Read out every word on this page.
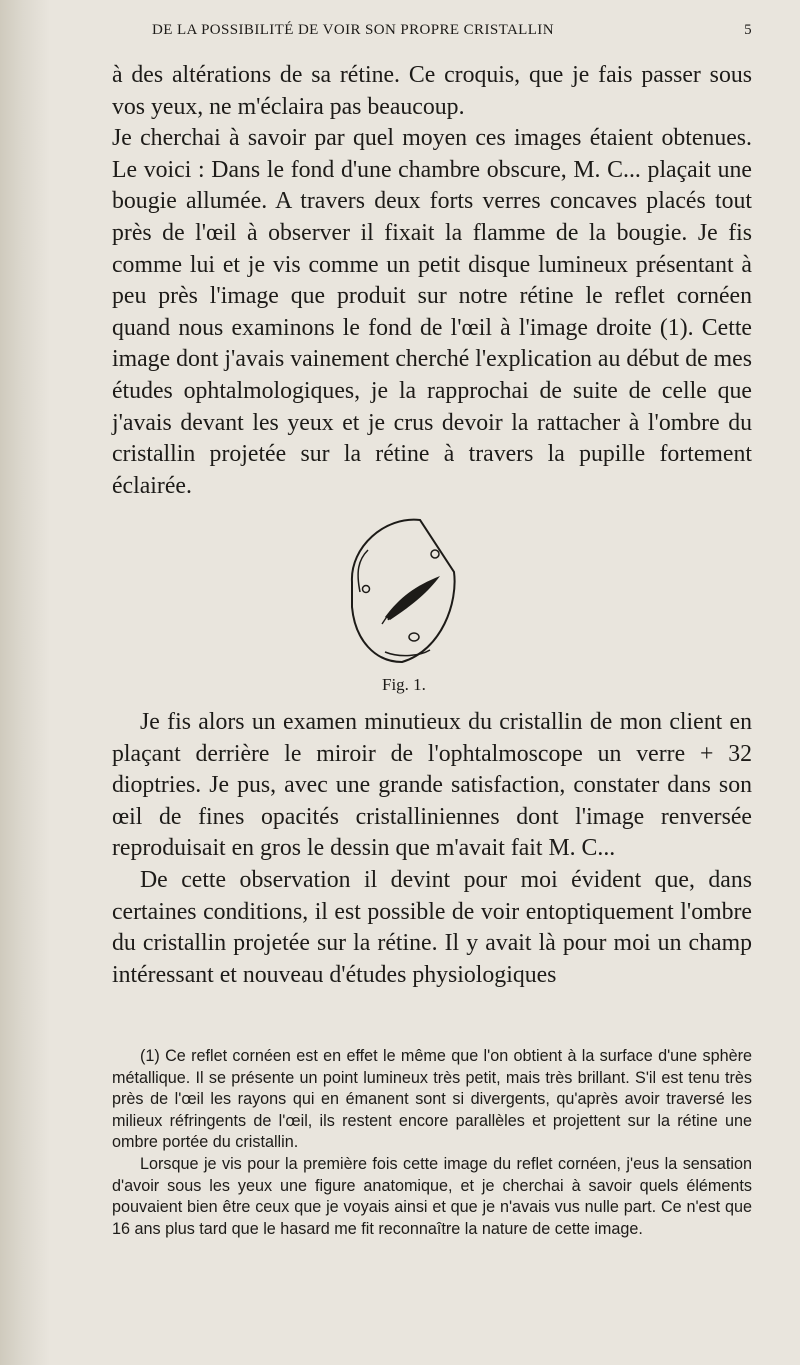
DE LA POSSIBILITÉ DE VOIR SON PROPRE CRISTALLIN	5

à des altérations de sa rétine. Ce croquis, que je fais passer sous vos yeux, ne m'éclaira pas beaucoup.

Je cherchai à savoir par quel moyen ces images étaient obtenues. Le voici : Dans le fond d'une chambre obscure, M. C... plaçait une bougie allumée. A travers deux forts verres concaves placés tout près de l'œil à observer il fixait la flamme de la bougie. Je fis comme lui et je vis comme un petit disque lumineux présentant à peu près l'image que produit sur notre rétine le reflet cornéen quand nous examinons le fond de l'œil à l'image droite (1). Cette image dont j'avais vainement cherché l'explication au début de mes études ophtalmologiques, je la rapprochai de suite de celle que j'avais devant les yeux et je crus devoir la rattacher à l'ombre du cristallin projetée sur la rétine à travers la pupille fortement éclairée.

Fig. 1.

Je fis alors un examen minutieux du cristallin de mon client en plaçant derrière le miroir de l'ophtalmoscope un verre + 32 dioptries. Je pus, avec une grande satisfaction, constater dans son œil de fines opacités cristalliniennes dont l'image renversée reproduisait en gros le dessin que m'avait fait M. C...

De cette observation il devint pour moi évident que, dans certaines conditions, il est possible de voir entoptiquement l'ombre du cristallin projetée sur la rétine. Il y avait là pour moi un champ intéressant et nouveau d'études physiologiques

(1) Ce reflet cornéen est en effet le même que l'on obtient à la surface d'une sphère métallique. Il se présente un point lumineux très petit, mais très brillant. S'il est tenu très près de l'œil les rayons qui en émanent sont si divergents, qu'après avoir traversé les milieux réfringents de l'œil, ils restent encore parallèles et projettent sur la rétine une ombre portée du cristallin.

Lorsque je vis pour la première fois cette image du reflet cornéen, j'eus la sensation d'avoir sous les yeux une figure anatomique, et je cherchai à savoir quels éléments pouvaient bien être ceux que je voyais ainsi et que je n'avais vus nulle part. Ce n'est que 16 ans plus tard que le hasard me fit reconnaître la nature de cette image.
